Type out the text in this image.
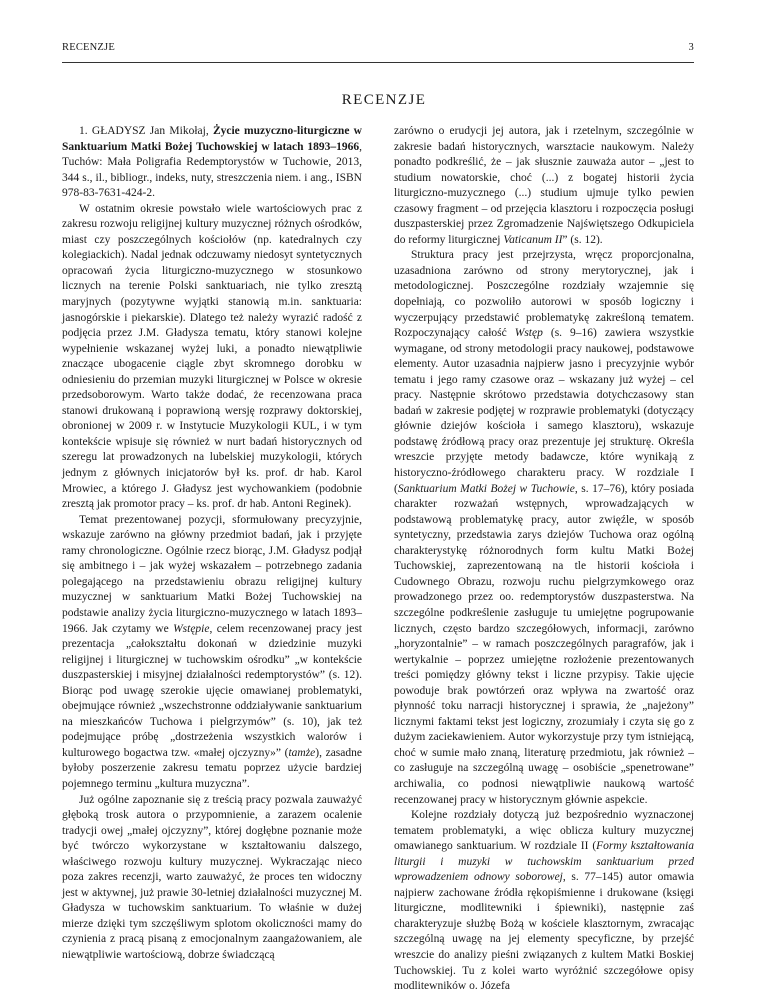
RECENZJE	3
RECENZJE

1. GŁADYSZ Jan Mikołaj, Życie muzyczno-liturgiczne w Sanktuarium Matki Bożej Tuchowskiej w latach 1893–1966, Tuchów: Mała Poligrafia Redemptorystów w Tuchowie, 2013, 344 s., il., bibliogr., indeks, nuty, streszczenia niem. i ang., ISBN 978-83-7631-424-2.

W ostatnim okresie powstało wiele wartościowych prac z zakresu rozwoju religijnej kultury muzycznej różnych ośrodków, miast czy poszczególnych kościołów (np. katedralnych czy kolegiackich). Nadal jednak odczuwamy niedosyt syntetycznych opracowań życia liturgiczno-muzycznego w stosunkowo licznych na terenie Polski sanktuariach, nie tylko zresztą maryjnych (pozytywne wyjątki stanowią m.in. sanktuaria: jasnogórskie i piekarskie). Dlatego też należy wyrazić radość z podjęcia przez J.M. Gładysza tematu, który stanowi kolejne wypełnienie wskazanej wyżej luki, a ponadto niewątpliwie znaczące ubogacenie ciągle zbyt skromnego dorobku w odniesieniu do przemian muzyki liturgicznej w Polsce w okresie przedsoborowym. Warto także dodać, że recenzowana praca stanowi drukowaną i poprawioną wersję rozprawy doktorskiej, obronionej w 2009 r. w Instytucie Muzykologii KUL, i w tym kontekście wpisuje się również w nurt badań historycznych od szeregu lat prowadzonych na lubelskiej muzykologii, których jednym z głównych inicjatorów był ks. prof. dr hab. Karol Mrowiec, a którego J. Gładysz jest wychowankiem (podobnie zresztą jak promotor pracy – ks. prof. dr hab. Antoni Reginek).

Temat prezentowanej pozycji, sformułowany precyzyjnie, wskazuje zarówno na główny przedmiot badań, jak i przyjęte ramy chronologiczne. Ogólnie rzecz biorąc, J.M. Gładysz podjął się ambitnego i – jak wyżej wskazałem – potrzebnego zadania polegającego na przedstawieniu obrazu religijnej kultury muzycznej w sanktuarium Matki Bożej Tuchowskiej na podstawie analizy życia liturgiczno-muzycznego w latach 1893–1966. Jak czytamy we Wstępie, celem recenzowanej pracy jest prezentacja „całokształtu dokonań w dziedzinie muzyki religijnej i liturgicznej w tuchowskim ośrodku” „w kontekście duszpasterskiej i misyjnej działalności redemptorystów” (s. 12). Biorąc pod uwagę szerokie ujęcie omawianej problematyki, obejmujące również „wszechstronne oddziaływanie sanktuarium na mieszkańców Tuchowa i pielgrzymów” (s. 10), jak też podejmujące próbę „dostrzeżenia wszystkich walorów i kulturowego bogactwa tzw. «małej ojczyzny»” (tamże), zasadne byłoby poszerzenie zakresu tematu poprzez użycie bardziej pojemnego terminu „kultura muzyczna”.

Już ogólne zapoznanie się z treścią pracy pozwala zauważyć głęboką trosk autora o przypomnienie, a zarazem ocalenie tradycji owej „małej ojczyzny”, której dogłębne poznanie może być twórczo wykorzystane w kształtowaniu dalszego, właściwego rozwoju kultury muzycznej. Wykraczając nieco poza zakres recenzji, warto zauważyć, że proces ten widoczny jest w aktywnej, już prawie 30-letniej działalności muzycznej M. Gładysza w tuchowskim sanktuarium. To właśnie w dużej mierze dzięki tym szczęśliwym splotom okoliczności mamy do czynienia z pracą pisaną z emocjonalnym zaangażowaniem, ale niewątpliwie wartościową, dobrze świadczącą

zarówno o erudycji jej autora, jak i rzetelnym, szczególnie w zakresie badań historycznych, warsztacie naukowym. Należy ponadto podkreślić, że – jak słusznie zauważa autor – „jest to studium nowatorskie, choć (...) z bogatej historii życia liturgiczno-muzycznego (...) studium ujmuje tylko pewien czasowy fragment – od przejęcia klasztoru i rozpoczęcia posługi duszpasterskiej przez Zgromadzenie Najświętszego Odkupiciela do reformy liturgicznej Vaticanum II” (s. 12).

Struktura pracy jest przejrzysta, wręcz proporcjonalna, uzasadniona zarówno od strony merytorycznej, jak i metodologicznej. Poszczególne rozdziały wzajemnie się dopełniają, co pozwoliło autorowi w sposób logiczny i wyczerpujący przedstawić problematykę zakreśloną tematem. Rozpoczynający całość Wstęp (s. 9–16) zawiera wszystkie wymagane, od strony metodologii pracy naukowej, podstawowe elementy. Autor uzasadnia najpierw jasno i precyzyjnie wybór tematu i jego ramy czasowe oraz – wskazany już wyżej – cel pracy. Następnie skrótowo przedstawia dotychczasowy stan badań w zakresie podjętej w rozprawie problematyki (dotyczący głównie dziejów kościoła i samego klasztoru), wskazuje podstawę źródłową pracy oraz prezentuje jej strukturę. Określa wreszcie przyjęte metody badawcze, które wynikają z historyczno-źródłowego charakteru pracy. W rozdziale I (Sanktuarium Matki Bożej w Tuchowie, s. 17–76), który posiada charakter rozważań wstępnych, wprowadzających w podstawową problematykę pracy, autor zwięźle, w sposób syntetyczny, przedstawia zarys dziejów Tuchowa oraz ogólną charakterystykę różnorodnych form kultu Matki Bożej Tuchowskiej, zaprezentowaną na tle historii kościoła i Cudownego Obrazu, rozwoju ruchu pielgrzymkowego oraz prowadzonego przez oo. redemptorystów duszpasterstwa. Na szczególne podkreślenie zasługuje tu umiejętne pogrupowanie licznych, często bardzo szczegółowych, informacji, zarówno „horyzontalnie” – w ramach poszczególnych paragrafów, jak i wertykalnie – poprzez umiejętne rozłożenie prezentowanych treści pomiędzy główny tekst i liczne przypisy. Takie ujęcie powoduje brak powtórzeń oraz wpływa na zwartość oraz płynność toku narracji historycznej i sprawia, że „najeżony” licznymi faktami tekst jest logiczny, zrozumiały i czyta się go z dużym zaciekawieniem. Autor wykorzystuje przy tym istniejącą, choć w sumie mało znaną, literaturę przedmiotu, jak również – co zasługuje na szczególną uwagę – osobiście „spenetrowane” archiwalia, co podnosi niewątpliwie naukową wartość recenzowanej pracy w historycznym głównie aspekcie.

Kolejne rozdziały dotyczą już bezpośrednio wyznaczonej tematem problematyki, a więc oblicza kultury muzycznej omawianego sanktuarium. W rozdziale II (Formy kształtowania liturgii i muzyki w tuchowskim sanktuarium przed wprowadzeniem odnowy soborowej, s. 77–145) autor omawia najpierw zachowane źródła rękopiśmienne i drukowane (księgi liturgiczne, modlitewniki i śpiewniki), następnie zaś charakteryzuje służbę Bożą w kościele klasztornym, zwracając szczególną uwagę na jej elementy specyficzne, by przejść wreszcie do analizy pieśni związanych z kultem Matki Boskiej Tuchowskiej. Tu z kolei warto wyróżnić szczegółowe opisy modlitewników o. Józefa
